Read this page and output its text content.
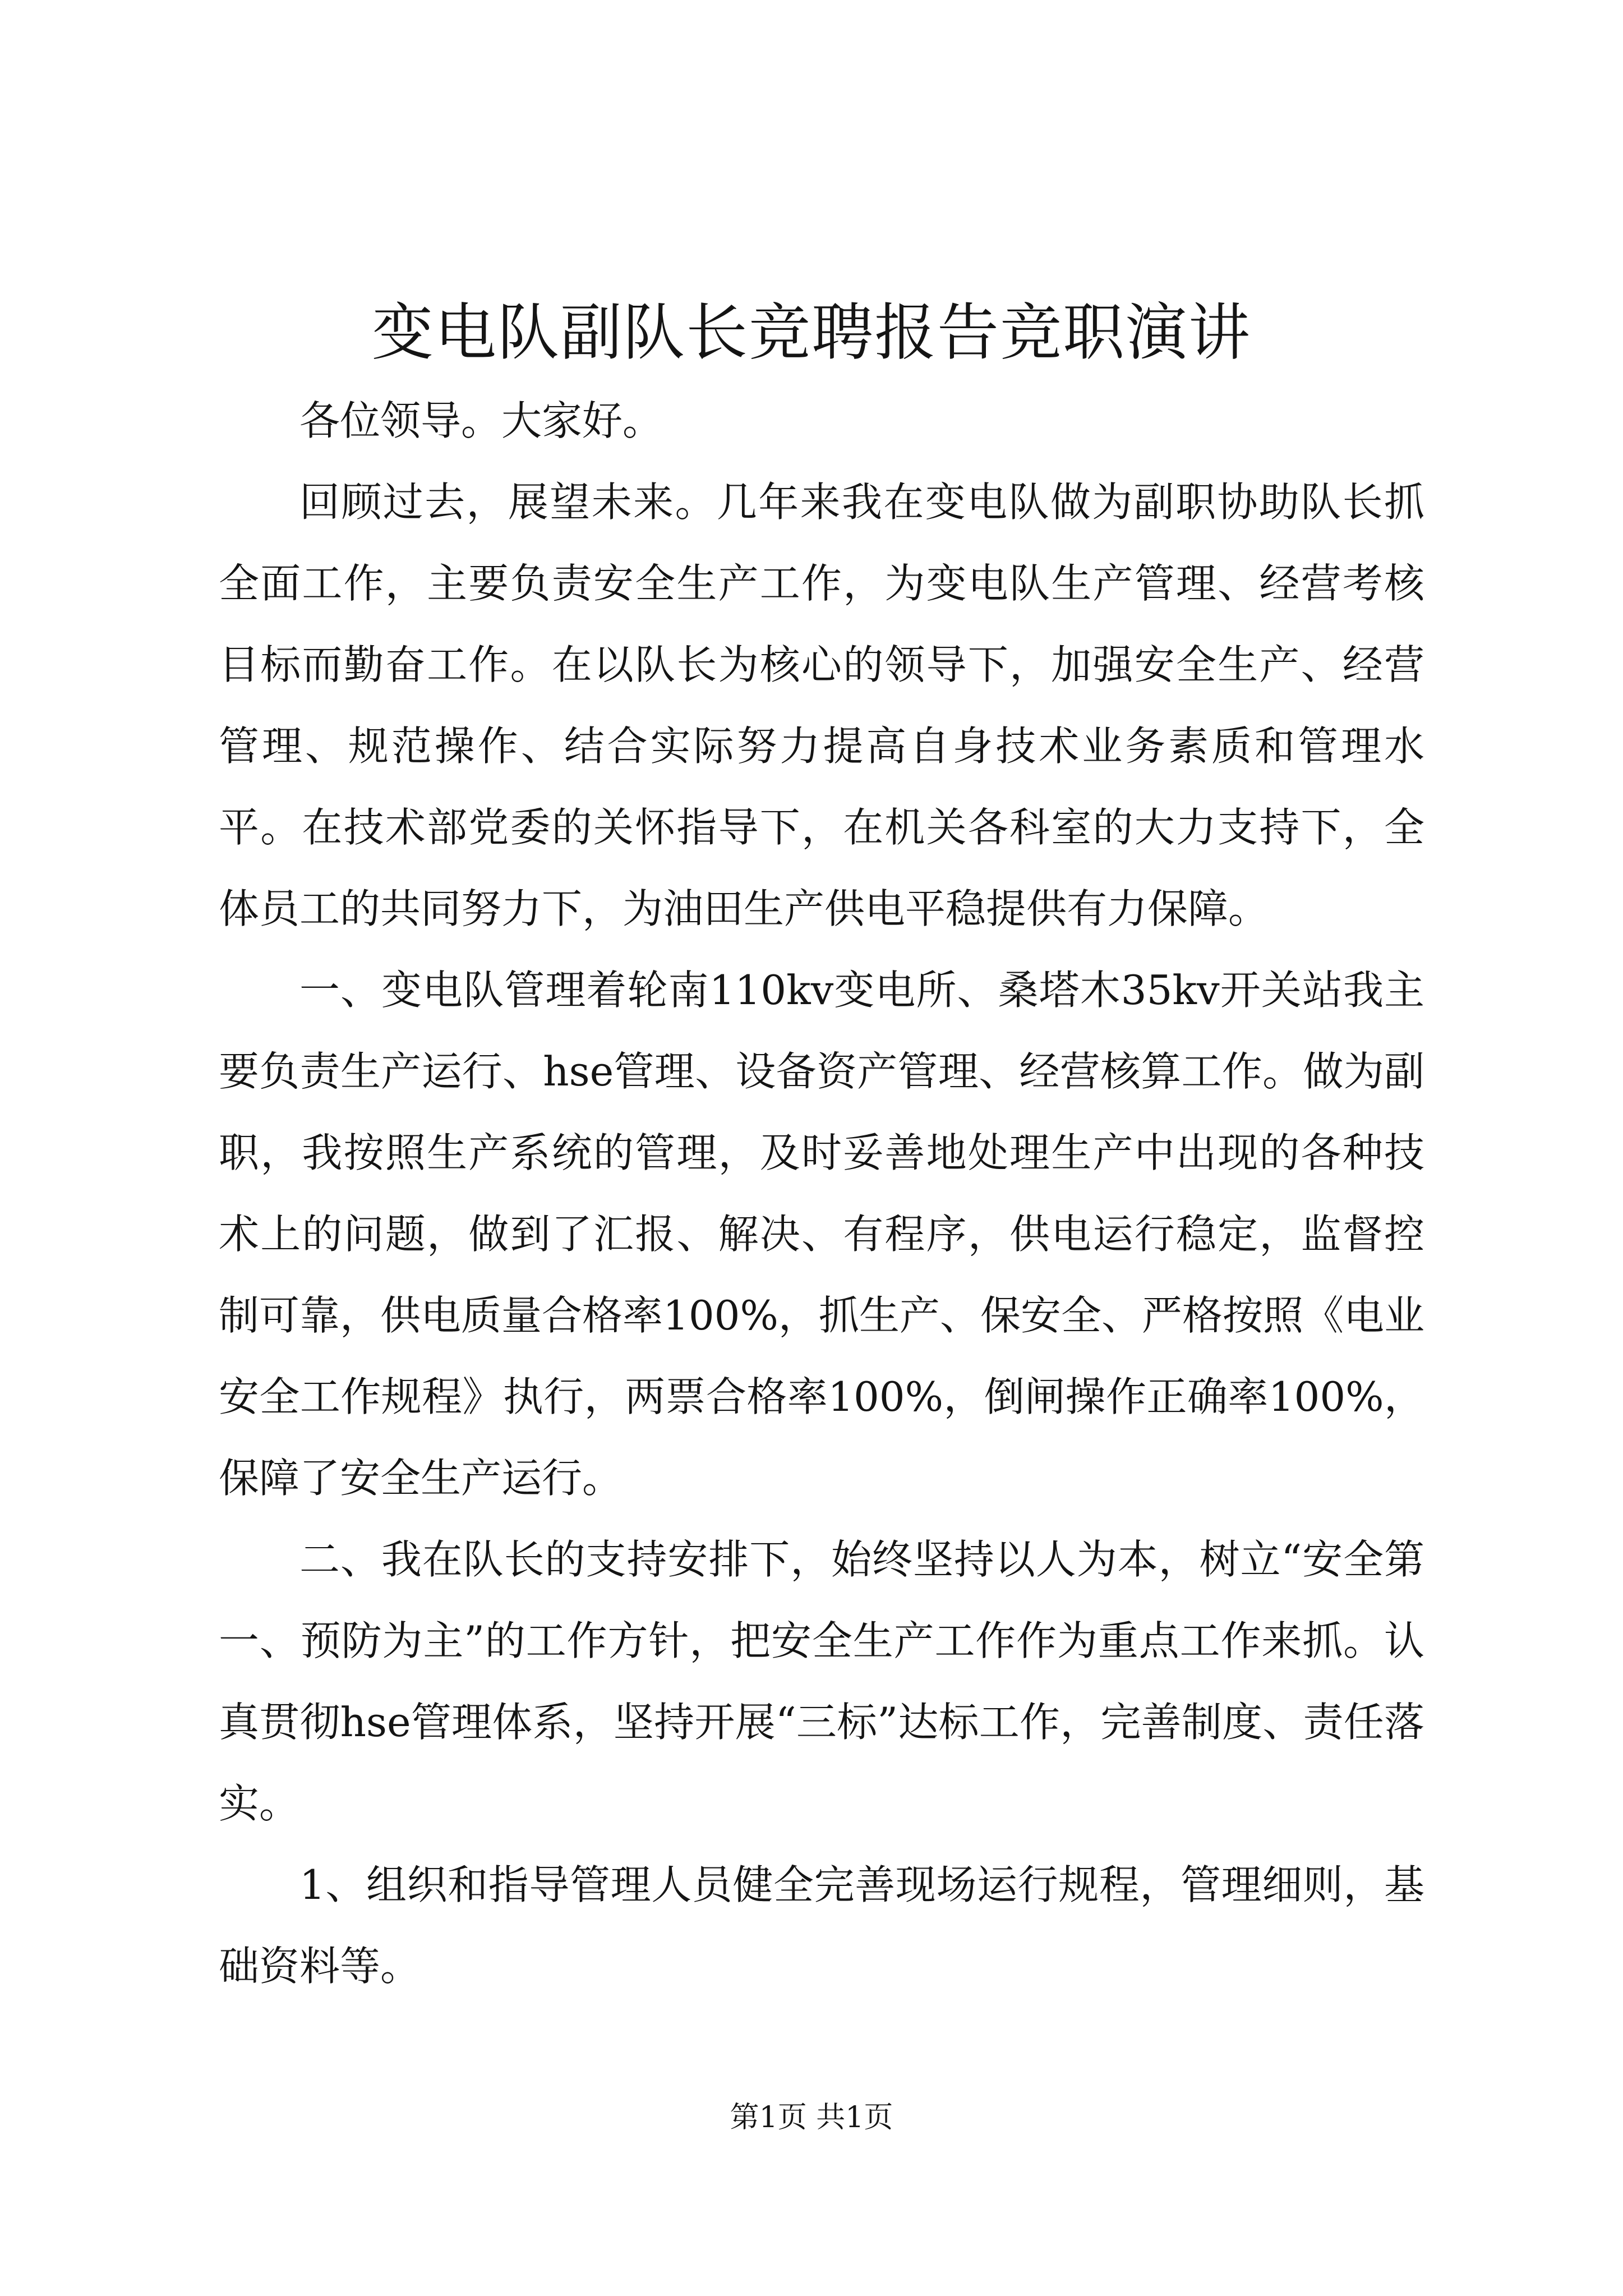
变电队副队长竞聘报告竞职演讲

各位领导。大家好。

回顾过去，展望未来。几年来我在变电队做为副职协助队长抓全面工作，主要负责安全生产工作，为变电队生产管理、经营考核目标而勤奋工作。在以队长为核心的领导下，加强安全生产、经营管理、规范操作、结合实际努力提高自身技术业务素质和管理水平。在技术部党委的关怀指导下，在机关各科室的大力支持下，全体员工的共同努力下，为油田生产供电平稳提供有力保障。

一、变电队管理着轮南110kv变电所、桑塔木35kv开关站我主要负责生产运行、hse管理、设备资产管理、经营核算工作。做为副职，我按照生产系统的管理，及时妥善地处理生产中出现的各种技术上的问题，做到了汇报、解决、有程序，供电运行稳定，监督控制可靠，供电质量合格率100%，抓生产、保安全、严格按照《电业安全工作规程》执行，两票合格率100%，倒闸操作正确率100%，保障了安全生产运行。

二、我在队长的支持安排下，始终坚持以人为本，树立“安全第一、预防为主”的工作方针，把安全生产工作作为重点工作来抓。认真贯彻hse管理体系，坚持开展“三标”达标工作，完善制度、责任落实。

1、组织和指导管理人员健全完善现场运行规程，管理细则，基础资料等。

第1页 共1页
